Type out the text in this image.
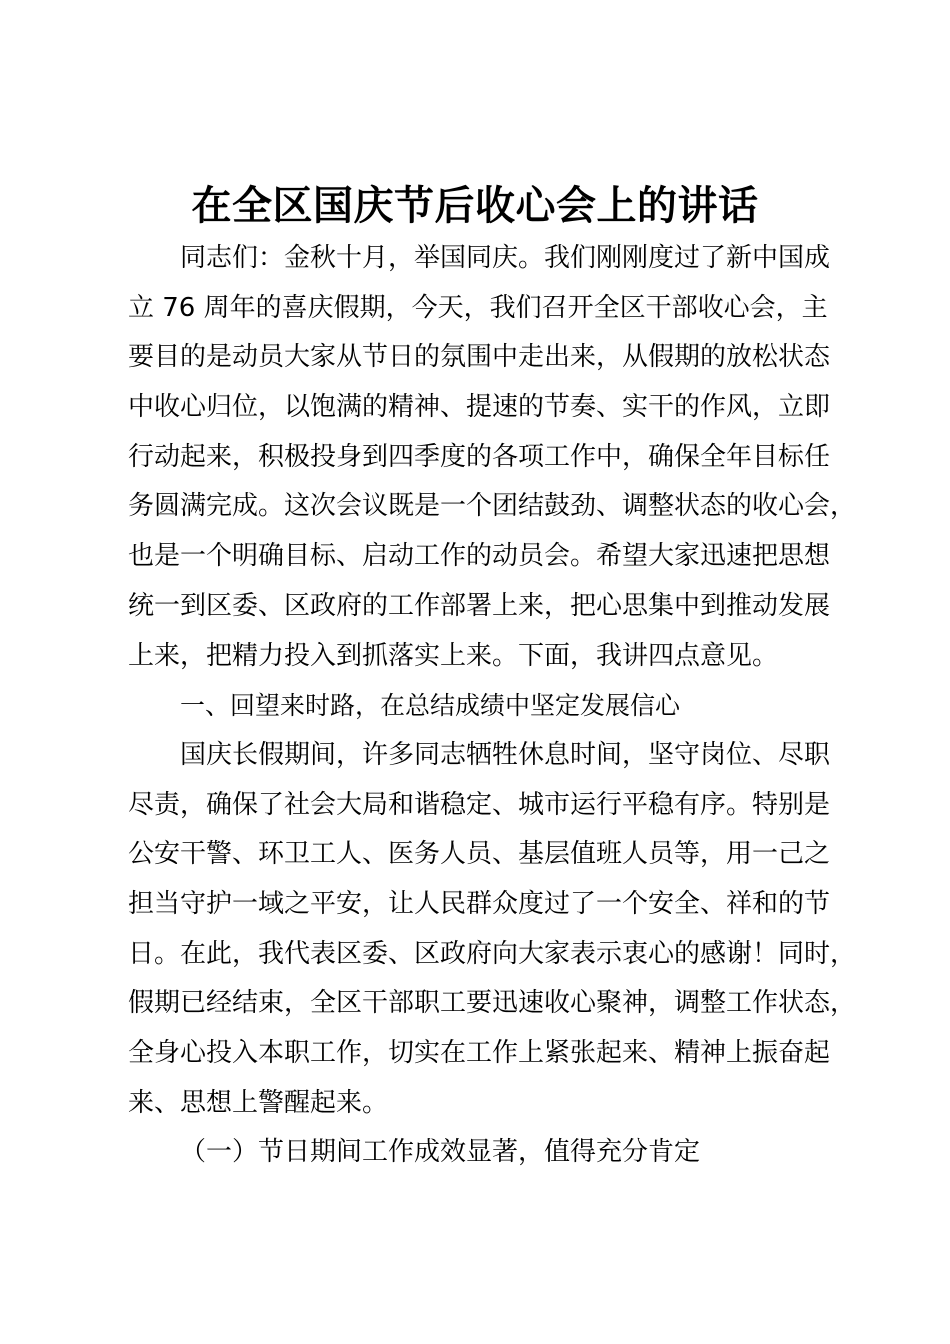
在全区国庆节后收心会上的讲话
同志们：金秋十月，举国同庆。我们刚刚度过了新中国成
立 76 周年的喜庆假期，今天，我们召开全区干部收心会，主
要目的是动员大家从节日的氛围中走出来，从假期的放松状态
中收心归位，以饱满的精神、提速的节奏、实干的作风，立即
行动起来，积极投身到四季度的各项工作中，确保全年目标任
务圆满完成。这次会议既是一个团结鼓劲、调整状态的收心会，
也是一个明确目标、启动工作的动员会。希望大家迅速把思想
统一到区委、区政府的工作部署上来，把心思集中到推动发展
上来，把精力投入到抓落实上来。下面，我讲四点意见。
一、回望来时路，在总结成绩中坚定发展信心
国庆长假期间，许多同志牺牲休息时间，坚守岗位、尽职
尽责，确保了社会大局和谐稳定、城市运行平稳有序。特别是
公安干警、环卫工人、医务人员、基层值班人员等，用一己之
担当守护一域之平安，让人民群众度过了一个安全、祥和的节
日。在此，我代表区委、区政府向大家表示衷心的感谢！同时，
假期已经结束，全区干部职工要迅速收心聚神，调整工作状态，
全身心投入本职工作，切实在工作上紧张起来、精神上振奋起
来、思想上警醒起来。
（一）节日期间工作成效显著，值得充分肯定
